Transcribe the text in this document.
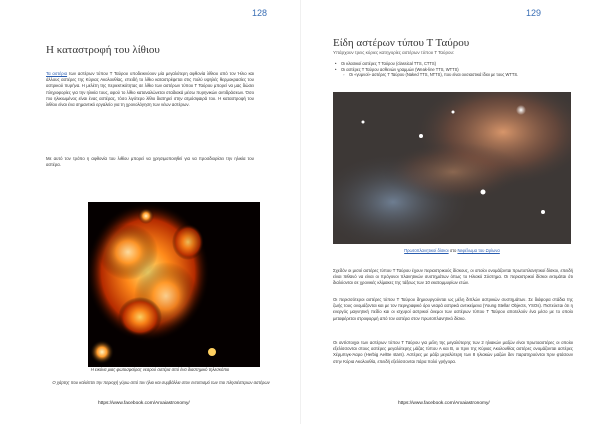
128
Η καταστροφή του λίθιου
Τα αστέρια των αστέρων τύπου Τ Ταύρου υποδεικνύουν μία μεγαλύτερη αφθονία λίθιου από τον Ήλιο και άλλους αστέρες της Κύριας Ακολουθίας, επειδή το λίθιο καταστρέφεται στις πολύ υψηλές θερμοκρασίες του αστρικού πυρήνα. Η μελέτη της περιεκτικότητας σε λίθιο των αστέρων τύπου Τ Ταύρου μπορεί να μας δώσει πληροφορίες για την ηλικία τους, αφού το λίθιο καταναλώνεται σταδιακά μέσω πυρηνικών αντιδράσεων. Όσο πιο ηλικιωμένος είναι ένας αστέρας, τόσο λιγότερο λίθιο διατηρεί στην ατμόσφαιρά του. Η καταστροφή του λιθίου είναι ένα σημαντικό εργαλείο για τη χρονολόγηση των νέων αστέρων.
Με αυτό τον τρόπο η αφθονία του λιθίου μπορεί να χρησιμοποιηθεί για να προσδιορίσει την ηλικία του αστέρα.
Η εικόνα μιας φωτοσφαίρας νεαρού αστέρα από ένα διαστημικό τηλεσκόπιο
Ο χάρτης που καλύπτει την περιοχή γύρω από τον ήλιο και συμβάλλει στον εντοπισμό των πιο πλησιέστερων αστέρων
https://www.facebook.com/Arxaiastronomy/
129
Είδη αστέρων τύπου Τ Ταύρου
Υπάρχουν τρεις κύριες κατηγορίες αστέρων τύπου Τ Ταύρου:
• Οι κλασικοί αστέρες Τ Ταύρου (classical TTS, CTTS)
• Οι αστέρες Τ Ταύρου ασθενών γραμμών (Weak-line TTS, WTTS)
◦ Οι «γυμνοί» αστέρες Τ Ταύρου (Naked TTS, NTTS), που είναι ουσιαστικά ίδιοι με τους WTTS.
Πρωτοπλανητικοί δίσκοι στο Νεφέλωμα του Ωρίωνα
Σχεδόν οι μισοί αστέρες τύπου Τ Ταύρου έχουν περιαστρικούς δίσκους, οι οποίοι ονομάζονται πρωτοπλανητικοί δίσκοι, επειδή είναι πιθανό να είναι οι πρόγονοι πλανητικών συστημάτων όπως το Ηλιακό Σύστημα. Οι περιαστρικοί δίσκοι εκτιμάται ότι διαλύονται σε χρονικές κλίμακες της τάξεως των 10 εκατομμυρίων ετών.
Οι περισσότεροι αστέρες τύπου Τ Ταύρου δημιουργούνται ως μέλη διπλών αστρικών συστημάτων. Σε διάφορα στάδια της ζωής τους ονομάζονται και με τον περιγραφικό όρο νεαρά αστρικά αντικείμενα (Young Stellar Objects, YSOs). Πιστεύεται ότι η ενεργός μαγνητική πεδίο και οι ισχυροί αστρικοί άνεμοι των αστέρων τύπου Τ Ταύρου αποτελούν ένα μέσο με το οποίο μεταφέρεται στροφορμή από τον αστέρα στον πρωτοπλανητικό δίσκο.
Οι αντίστοιχοι των αστέρων τύπου Τ Ταύρου για μέλη της μεγαλύτερης των 2 ηλιακών μαζών είναι πρωτοαστέρες οι οποίοι εξελίσσονται στους αστέρες μεγαλύτερης μάζας τύπου Α και Β, οι πριν της Κύριας Ακολουθίας αστέρες ονομάζονται αστέρες Χέρμπιγκ-Άαρο (Herbig Ae/Be stars). Αστέρες με μάζα μεγαλύτερη των 8 ηλιακών μαζών δεν παρατηρούνται πριν φτάσουν στην Κύρια Ακολουθία, επειδή εξελίσσονται πάρα πολύ γρήγορα.
https://www.facebook.com/Arxaiastronomy/
